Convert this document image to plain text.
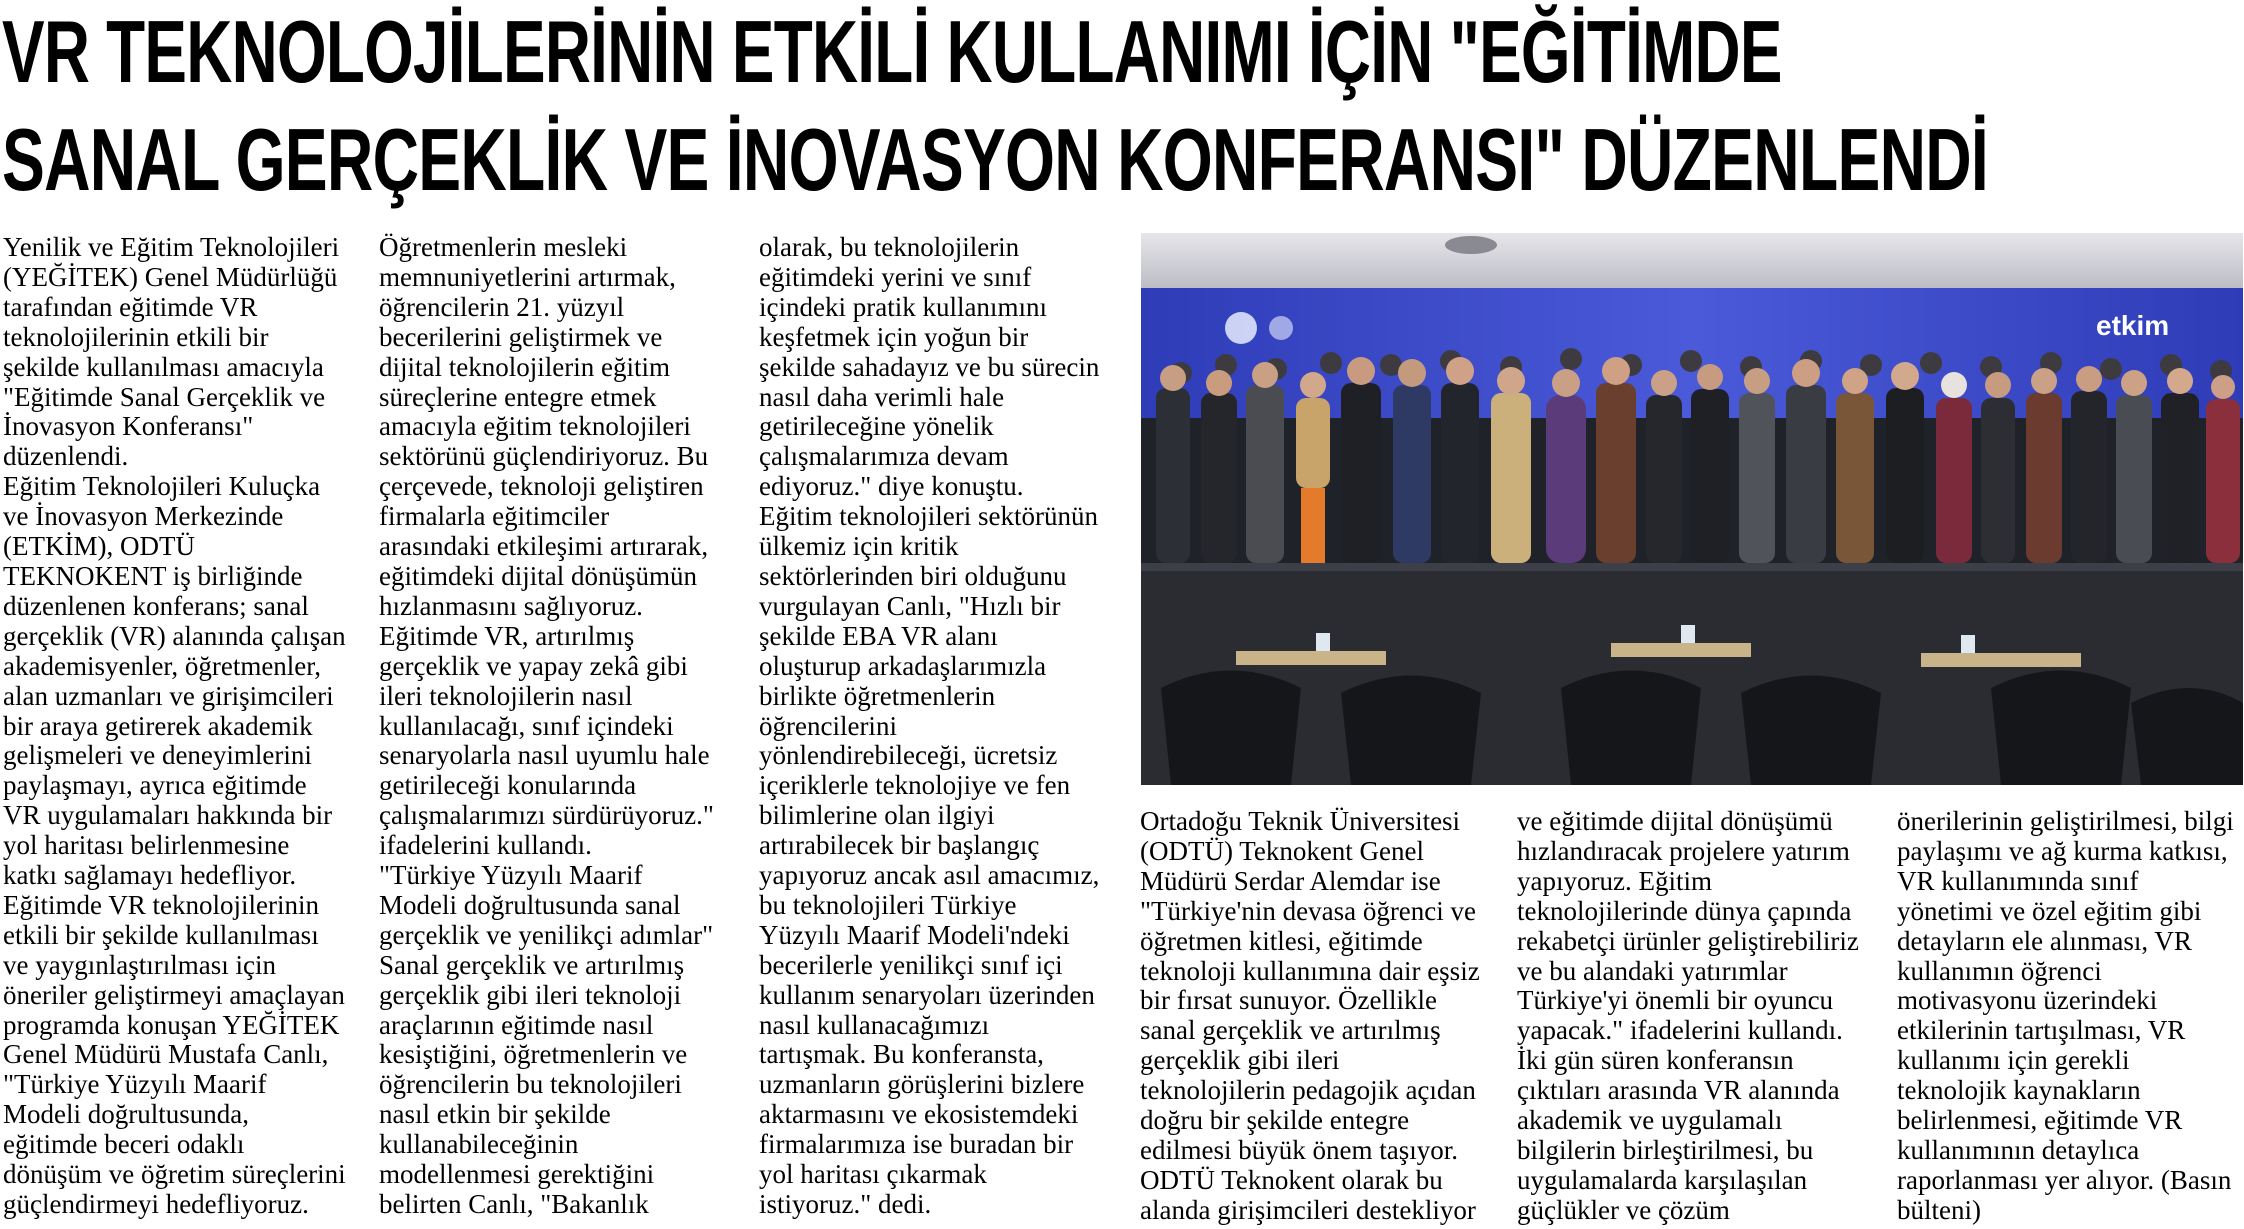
VR TEKNOLOJİLERİNİN ETKİLİ KULLANIMI İÇİN "EĞİTİMDE
SANAL GERÇEKLİK VE İNOVASYON KONFERANSI" DÜZENLENDİ
Yenilik ve Eğitim Teknolojileri
(YEĞİTEK) Genel Müdürlüğü
tarafından eğitimde VR
teknolojilerinin etkili bir
şekilde kullanılması amacıyla
"Eğitimde Sanal Gerçeklik ve
İnovasyon Konferansı"
düzenlendi.
Eğitim Teknolojileri Kuluçka
ve İnovasyon Merkezinde
(ETKİM), ODTÜ
TEKNOKENT iş birliğinde
düzenlenen konferans; sanal
gerçeklik (VR) alanında çalışan
akademisyenler, öğretmenler,
alan uzmanları ve girişimcileri
bir araya getirerek akademik
gelişmeleri ve deneyimlerini
paylaşmayı, ayrıca eğitimde
VR uygulamaları hakkında bir
yol haritası belirlenmesine
katkı sağlamayı hedefliyor.
Eğitimde VR teknolojilerinin
etkili bir şekilde kullanılması
ve yaygınlaştırılması için
öneriler geliştirmeyi amaçlayan
programda konuşan YEĞİTEK
Genel Müdürü Mustafa Canlı,
"Türkiye Yüzyılı Maarif
Modeli doğrultusunda,
eğitimde beceri odaklı
dönüşüm ve öğretim süreçlerini
güçlendirmeyi hedefliyoruz.
Öğretmenlerin mesleki
memnuniyetlerini artırmak,
öğrencilerin 21. yüzyıl
becerilerini geliştirmek ve
dijital teknolojilerin eğitim
süreçlerine entegre etmek
amacıyla eğitim teknolojileri
sektörünü güçlendiriyoruz. Bu
çerçevede, teknoloji geliştiren
firmalarla eğitimciler
arasındaki etkileşimi artırarak,
eğitimdeki dijital dönüşümün
hızlanmasını sağlıyoruz.
Eğitimde VR, artırılmış
gerçeklik ve yapay zekâ gibi
ileri teknolojilerin nasıl
kullanılacağı, sınıf içindeki
senaryolarla nasıl uyumlu hale
getirileceği konularında
çalışmalarımızı sürdürüyoruz."
ifadelerini kullandı.
"Türkiye Yüzyılı Maarif
Modeli doğrultusunda sanal
gerçeklik ve yenilikçi adımlar"
Sanal gerçeklik ve artırılmış
gerçeklik gibi ileri teknoloji
araçlarının eğitimde nasıl
kesiştiğini, öğretmenlerin ve
öğrencilerin bu teknolojileri
nasıl etkin bir şekilde
kullanabileceğinin
modellenmesi gerektiğini
belirten Canlı, "Bakanlık
olarak, bu teknolojilerin
eğitimdeki yerini ve sınıf
içindeki pratik kullanımını
keşfetmek için yoğun bir
şekilde sahadayız ve bu sürecin
nasıl daha verimli hale
getirileceğine yönelik
çalışmalarımıza devam
ediyoruz." diye konuştu.
Eğitim teknolojileri sektörünün
ülkemiz için kritik
sektörlerinden biri olduğunu
vurgulayan Canlı, "Hızlı bir
şekilde EBA VR alanı
oluşturup arkadaşlarımızla
birlikte öğretmenlerin
öğrencilerini
yönlendirebileceği, ücretsiz
içeriklerle teknolojiye ve fen
bilimlerine olan ilgiyi
artırabilecek bir başlangıç
yapıyoruz ancak asıl amacımız,
bu teknolojileri Türkiye
Yüzyılı Maarif Modeli'ndeki
becerilerle yenilikçi sınıf içi
kullanım senaryoları üzerinden
nasıl kullanacağımızı
tartışmak. Bu konferansta,
uzmanların görüşlerini bizlere
aktarmasını ve ekosistemdeki
firmalarımıza ise buradan bir
yol haritası çıkarmak
istiyoruz." dedi.
etkim
Ortadoğu Teknik Üniversitesi
(ODTÜ) Teknokent Genel
Müdürü Serdar Alemdar ise
"Türkiye'nin devasa öğrenci ve
öğretmen kitlesi, eğitimde
teknoloji kullanımına dair eşsiz
bir fırsat sunuyor. Özellikle
sanal gerçeklik ve artırılmış
gerçeklik gibi ileri
teknolojilerin pedagojik açıdan
doğru bir şekilde entegre
edilmesi büyük önem taşıyor.
ODTÜ Teknokent olarak bu
alanda girişimcileri destekliyor
ve eğitimde dijital dönüşümü
hızlandıracak projelere yatırım
yapıyoruz. Eğitim
teknolojilerinde dünya çapında
rekabetçi ürünler geliştirebiliriz
ve bu alandaki yatırımlar
Türkiye'yi önemli bir oyuncu
yapacak." ifadelerini kullandı.
İki gün süren konferansın
çıktıları arasında VR alanında
akademik ve uygulamalı
bilgilerin birleştirilmesi, bu
uygulamalarda karşılaşılan
güçlükler ve çözüm
önerilerinin geliştirilmesi, bilgi
paylaşımı ve ağ kurma katkısı,
VR kullanımında sınıf
yönetimi ve özel eğitim gibi
detayların ele alınması, VR
kullanımın öğrenci
motivasyonu üzerindeki
etkilerinin tartışılması, VR
kullanımı için gerekli
teknolojik kaynakların
belirlenmesi, eğitimde VR
kullanımının detaylıca
raporlanması yer alıyor. (Basın
bülteni)
